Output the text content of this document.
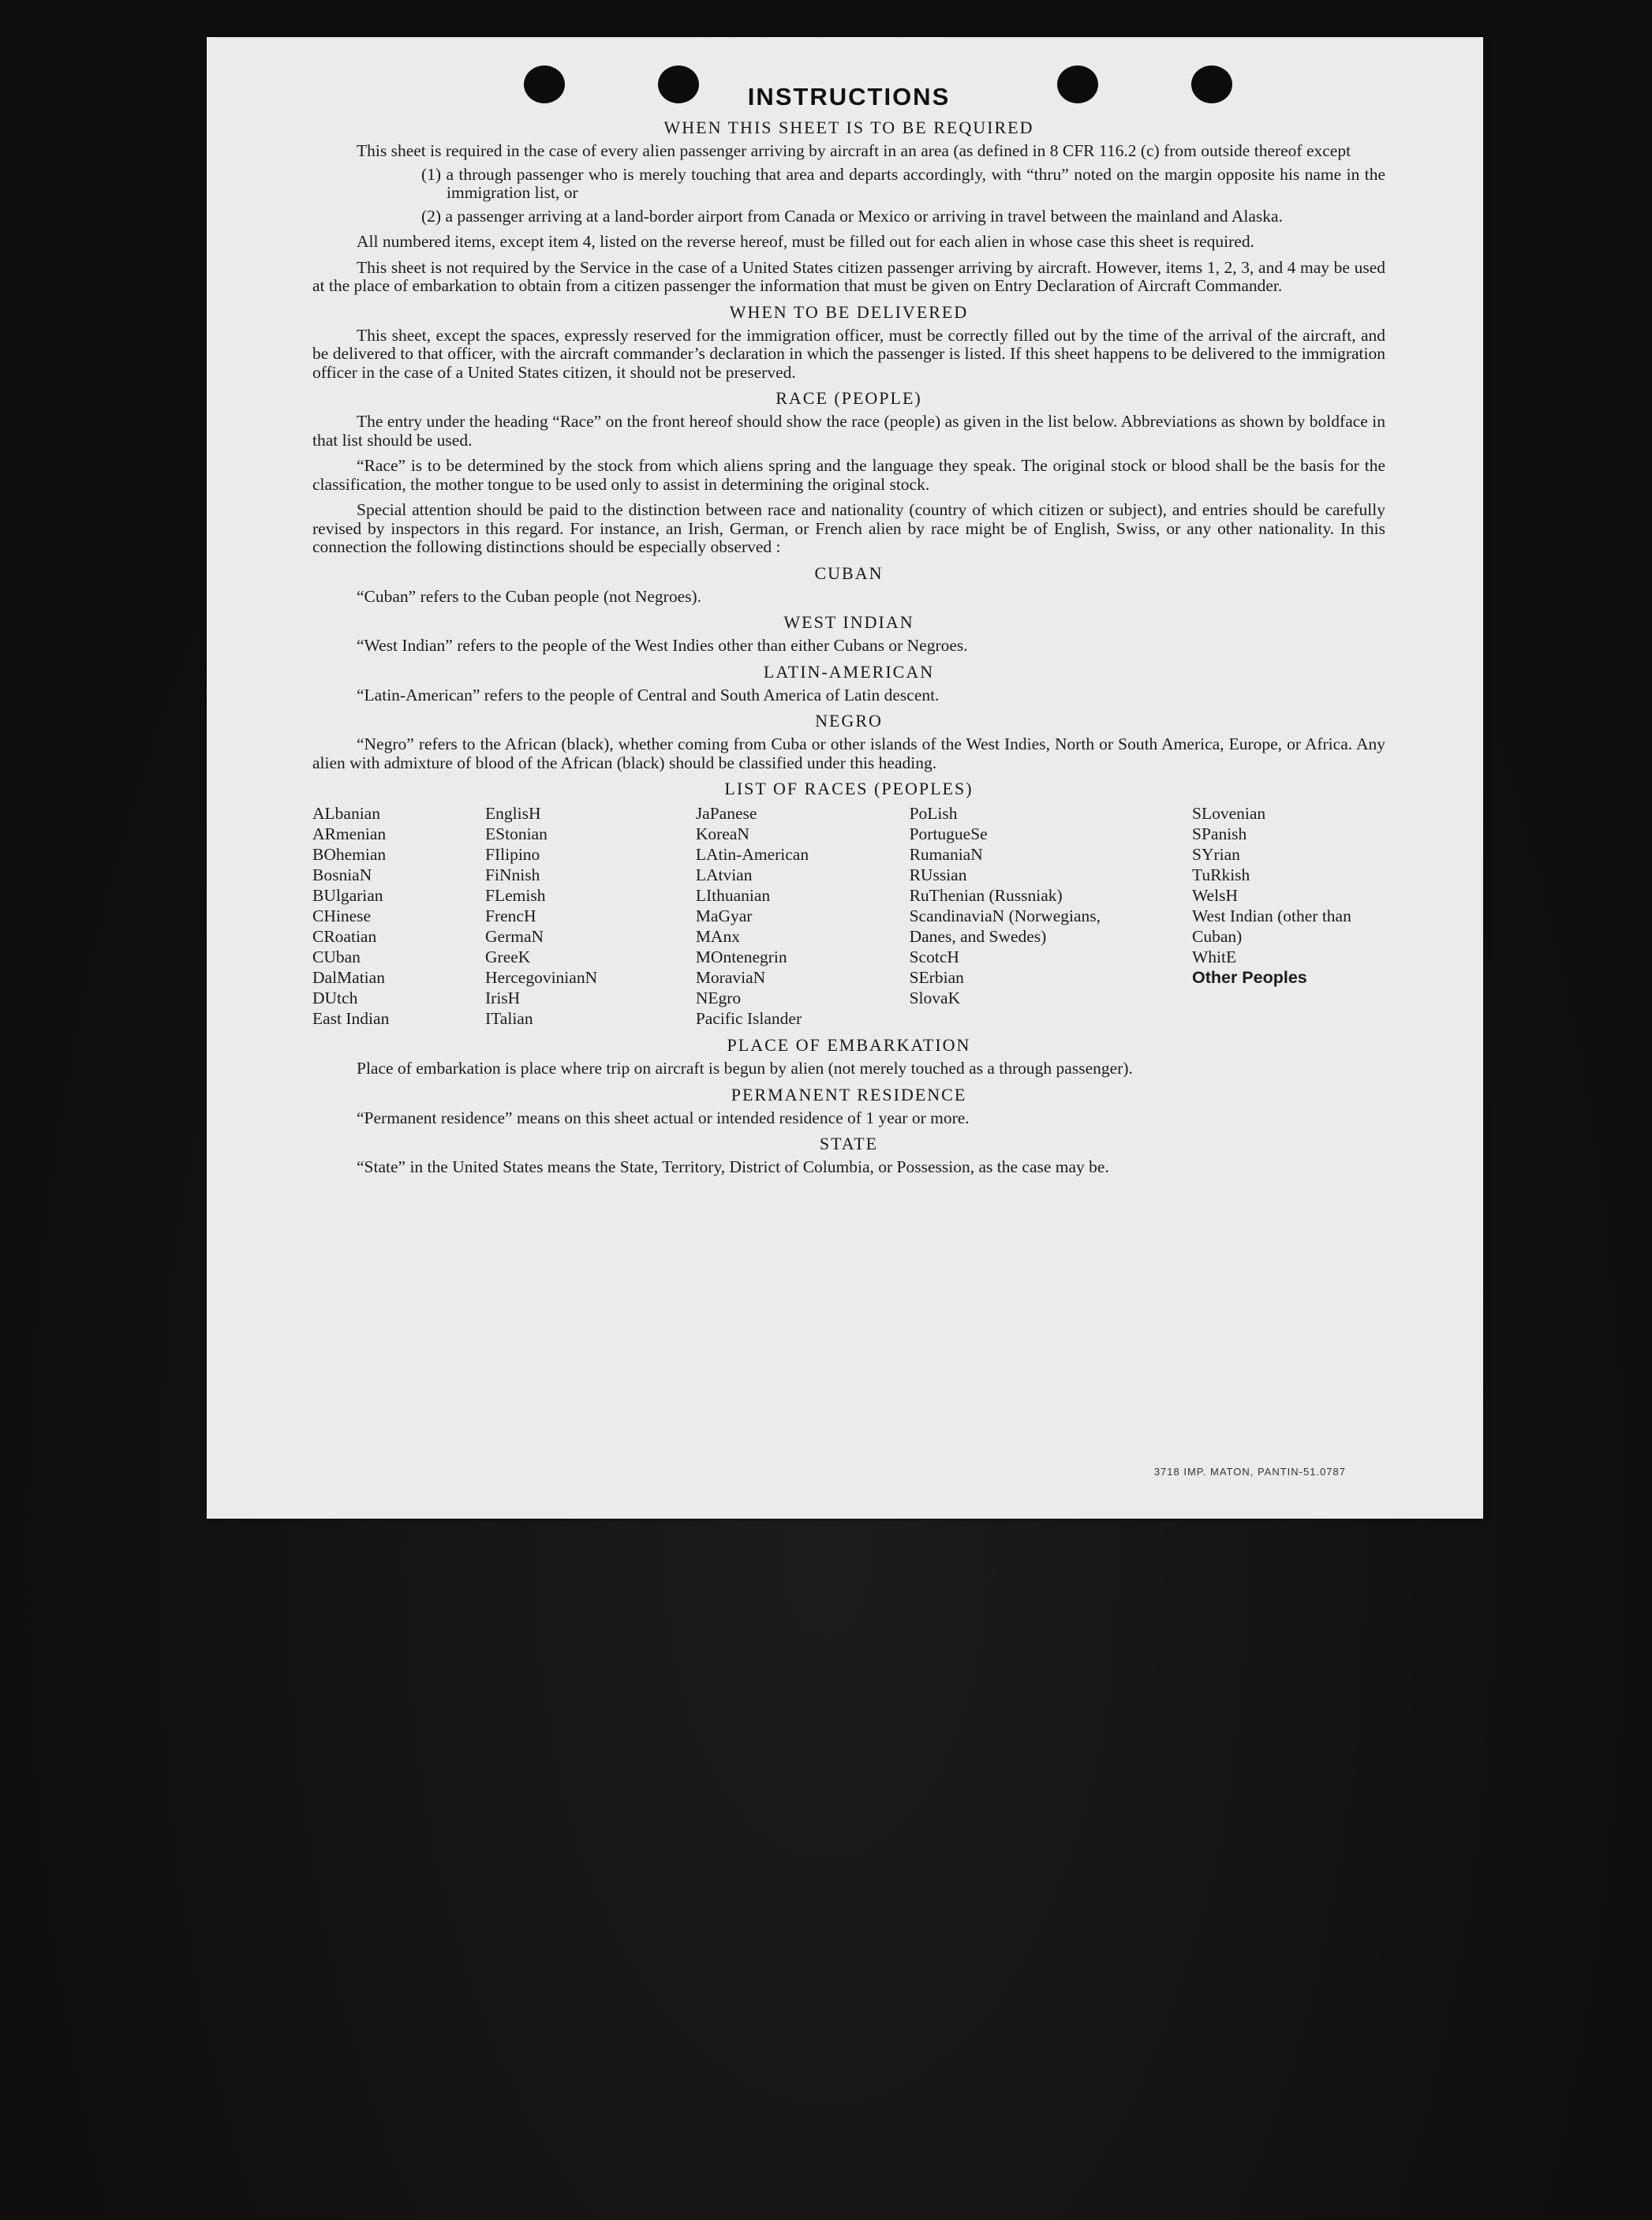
INSTRUCTIONS
WHEN THIS SHEET IS TO BE REQUIRED

This sheet is required in the case of every alien passenger arriving by aircraft in an area (as defined in 8 CFR 116.2 (c) from outside thereof except

(1) a through passenger who is merely touching that area and departs accordingly, with “thru” noted on the margin opposite his name in the immigration list, or

(2) a passenger arriving at a land-border airport from Canada or Mexico or arriving in travel between the mainland and Alaska.

All numbered items, except item 4, listed on the reverse hereof, must be filled out for each alien in whose case this sheet is required.

This sheet is not required by the Service in the case of a United States citizen passenger arriving by aircraft. However, items 1, 2, 3, and 4 may be used at the place of embarkation to obtain from a citizen passenger the information that must be given on Entry Declaration of Aircraft Commander.

WHEN TO BE DELIVERED

This sheet, except the spaces, expressly reserved for the immigration officer, must be correctly filled out by the time of the arrival of the aircraft, and be delivered to that officer, with the aircraft commander’s declaration in which the passenger is listed. If this sheet happens to be delivered to the immigration officer in the case of a United States citizen, it should not be preserved.

RACE (PEOPLE)

The entry under the heading “Race” on the front hereof should show the race (people) as given in the list below. Abbreviations as shown by boldface in that list should be used.

“Race” is to be determined by the stock from which aliens spring and the language they speak. The original stock or blood shall be the basis for the classification, the mother tongue to be used only to assist in determining the original stock.

Special attention should be paid to the distinction between race and nationality (country of which citizen or subject), and entries should be carefully revised by inspectors in this regard. For instance, an Irish, German, or French alien by race might be of English, Swiss, or any other nationality. In this connection the following distinctions should be especially observed :

CUBAN

“Cuban” refers to the Cuban people (not Negroes).

WEST INDIAN

“West Indian” refers to the people of the West Indies other than either Cubans or Negroes.

LATIN-AMERICAN

“Latin-American” refers to the people of Central and South America of Latin descent.

NEGRO

“Negro” refers to the African (black), whether coming from Cuba or other islands of the West Indies, North or South America, Europe, or Africa. Any alien with admixture of blood of the African (black) should be classified under this heading.

LIST OF RACES (PEOPLES)
ALbanian
ARmenian
BOhemian
BosniaN
BUlgarian
CHinese
CRoatian
CUban
DalMatian
DUtch
East Indian
EnglisH
EStonian
FIlipino
FiNnish
FLemish
FrencH
GermaN
GreeK
HercegovinianN
IrisH
ITalian
JaPanese
KoreaN
LAtin-American
LAtvian
LIthuanian
MaGyar
MAnx
MOntenegrin
MoraviaN
NEgro
Pacific Islander
PoLish
PortugueSe
RumaniaN
RUssian
RuThenian (Russniak)
ScandinaviaN (Norwegians, Danes, and Swedes)
ScotcH
SErbian
SlovaK
SLovenian
SPanish
SYrian
TuRkish
WelsH
West Indian (other than Cuban)
WhitE
Other Peoples
PLACE OF EMBARKATION

Place of embarkation is place where trip on aircraft is begun by alien (not merely touched as a through passenger).

PERMANENT RESIDENCE

“Permanent residence” means on this sheet actual or intended residence of 1 year or more.

STATE

“State” in the United States means the State, Territory, District of Columbia, or Possession, as the case may be.

3718 IMP. MATON, PANTIN-51.0787
